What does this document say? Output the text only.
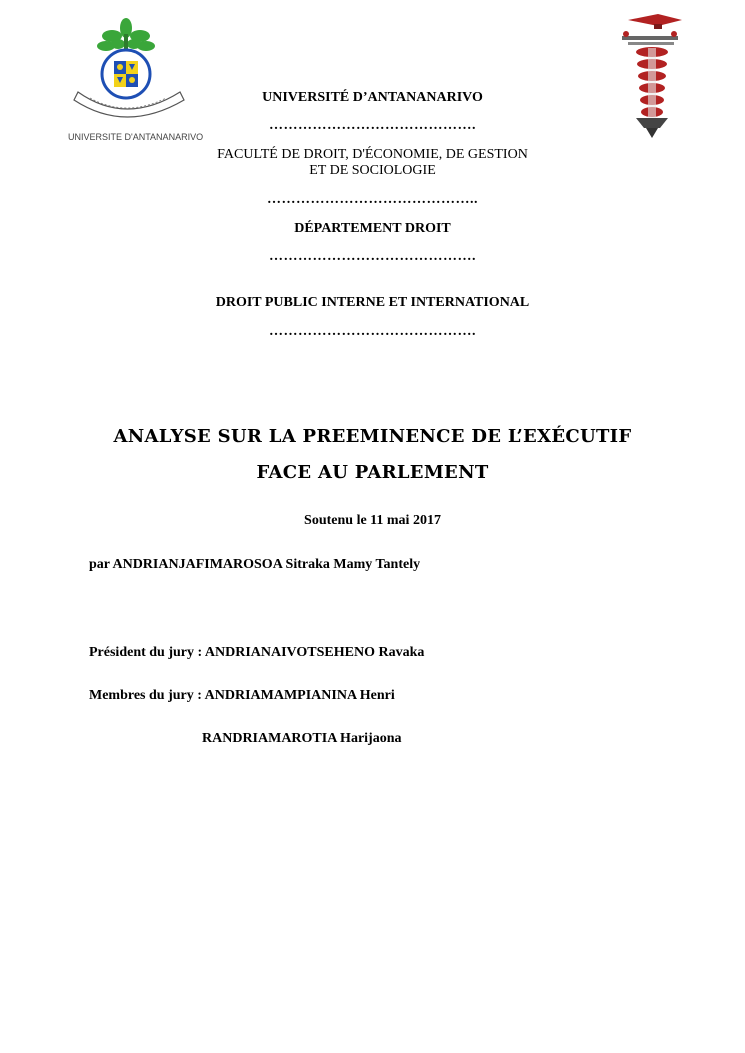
UNIVERSITE D'ANTANANARIVO
UNIVERSITÉ D’ANTANANARIVO
…………………………………….
FACULTÉ DE DROIT, D'ÉCONOMIE, DE GESTION
ET DE SOCIOLOGIE
……………………………………..
DÉPARTEMENT DROIT
…………………………………….
DROIT PUBLIC INTERNE ET INTERNATIONAL
…………………………………….
ANALYSE SUR LA PREEMINENCE DE L’EXÉCUTIF
FACE AU PARLEMENT
Soutenu le 11 mai 2017
par ANDRIANJAFIMAROSOA Sitraka Mamy Tantely
Président du jury : ANDRIANAIVOTSEHENO Ravaka
Membres du jury : ANDRIAMAMPIANINA Henri
RANDRIAMAROTIA Harijaona
